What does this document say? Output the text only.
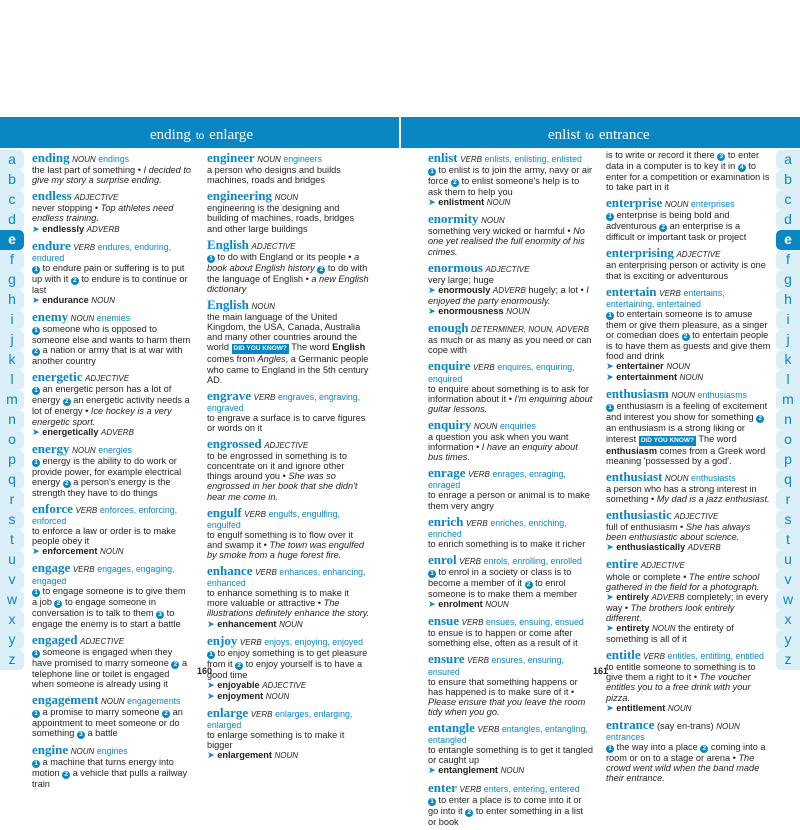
ending to enlarge	enlist to entrance
a
b
c
d
e
f
g
h
i
j
k
l
m
n
o
p
q
r
s
t
u
v
w
x
y
z
a
b
c
d
e
f
g
h
i
j
k
l
m
n
o
p
q
r
s
t
u
v
w
x
y
z
ending NOUN endings
the last part of something • I decided to give my story a surprise ending.
endless ADJECTIVE
never stopping • Top athletes need endless training.
➤ endlessly ADVERB
endure VERB endures, enduring, endured
1 to endure pain or suffering is to put up with it 2 to endure is to continue or last
➤ endurance NOUN
enemy NOUN enemies
1 someone who is opposed to someone else and wants to harm them 2 a nation or army that is at war with another country
energetic ADJECTIVE
1 an energetic person has a lot of energy 2 an energetic activity needs a lot of energy • Ice hockey is a very energetic sport.
➤ energetically ADVERB
energy NOUN energies
1 energy is the ability to do work or provide power, for example electrical energy 2 a person's energy is the strength they have to do things
enforce VERB enforces, enforcing, enforced
to enforce a law or order is to make people obey it
➤ enforcement NOUN
engage VERB engages, engaging, engaged
1 to engage someone is to give them a job 2 to engage someone in conversation is to talk to them 3 to engage the enemy is to start a battle
engaged ADJECTIVE
1 someone is engaged when they have promised to marry someone 2 a telephone line or toilet is engaged when someone is already using it
engagement NOUN engagements
1 a promise to marry someone 2 an appointment to meet someone or do something 3 a battle
engine NOUN engines
1 a machine that turns energy into motion 2 a vehicle that pulls a railway train
engineer NOUN engineers
a person who designs and builds machines, roads and bridges
engineering NOUN
engineering is the designing and building of machines, roads, bridges and other large buildings
English ADJECTIVE
1 to do with England or its people • a book about English history 2 to do with the language of English • a new English dictionary
English NOUN
the main language of the United Kingdom, the USA, Canada, Australia and many other countries around the world DID YOU KNOW? The word English comes from Angles, a Germanic people who came to England in the 5th century AD.
engrave VERB engraves, engraving, engraved
to engrave a surface is to carve figures or words on it
engrossed ADJECTIVE
to be engrossed in something is to concentrate on it and ignore other things around you • She was so engrossed in her book that she didn't hear me come in.
engulf VERB engulfs, engulfing, engulfed
to engulf something is to flow over it and swamp it • The town was engulfed by smoke from a huge forest fire.
enhance VERB enhances, enhancing, enhanced
to enhance something is to make it more valuable or attractive • The illustrations definitely enhance the story.
➤ enhancement NOUN
enjoy VERB enjoys, enjoying, enjoyed
1 to enjoy something is to get pleasure from it 2 to enjoy yourself is to have a good time
➤ enjoyable ADJECTIVE
➤ enjoyment NOUN
enlarge VERB enlarges, enlarging, enlarged
to enlarge something is to make it bigger
➤ enlargement NOUN
enlist VERB enlists, enlisting, enlisted
1 to enlist is to join the army, navy or air force 2 to enlist someone's help is to ask them to help you
➤ enlistment NOUN
enormity NOUN
something very wicked or harmful • No one yet realised the full enormity of his crimes.
enormous ADJECTIVE
very large; huge
➤ enormously ADVERB hugely; a lot • I enjoyed the party enormously.
➤ enormousness NOUN
enough DETERMINER, NOUN, ADVERB
as much or as many as you need or can cope with
enquire VERB enquires, enquiring, enquired
to enquire about something is to ask for information about it • I'm enquiring about guitar lessons.
enquiry NOUN enquiries
a question you ask when you want information • I have an enquiry about bus times.
enrage VERB enrages, enraging, enraged
to enrage a person or animal is to make them very angry
enrich VERB enriches, enriching, enriched
to enrich something is to make it richer
enrol VERB enrols, enrolling, enrolled
1 to enrol in a society or class is to become a member of it 2 to enrol someone is to make them a member
➤ enrolment NOUN
ensue VERB ensues, ensuing, ensued
to ensue is to happen or come after something else, often as a result of it
ensure VERB ensures, ensuring, ensured
to ensure that something happens or has happened is to make sure of it • Please ensure that you leave the room tidy when you go.
entangle VERB entangles, entangling, entangled
to entangle something is to get it tangled or caught up
➤ entanglement NOUN
enter VERB enters, entering, entered
1 to enter a place is to come into it or go into it 2 to enter something in a list or book
is to write or record it there 3 to enter data in a computer is to key it in 4 to enter for a competition or examination is to take part in it
enterprise NOUN enterprises
1 enterprise is being bold and adventurous 2 an enterprise is a difficult or important task or project
enterprising ADJECTIVE
an enterprising person or activity is one that is exciting or adventurous
entertain VERB entertains, entertaining, entertained
1 to entertain someone is to amuse them or give them pleasure, as a singer or comedian does 2 to entertain people is to have them as guests and give them food and drink
➤ entertainer NOUN
➤ entertainment NOUN
enthusiasm NOUN enthusiasms
1 enthusiasm is a feeling of excitement and interest you show for something 2 an enthusiasm is a strong liking or interest DID YOU KNOW? The word enthusiasm comes from a Greek word meaning 'possessed by a god'.
enthusiast NOUN enthusiasts
a person who has a strong interest in something • My dad is a jazz enthusiast.
enthusiastic ADJECTIVE
full of enthusiasm • She has always been enthusiastic about science.
➤ enthusiastically ADVERB
entire ADJECTIVE
whole or complete • The entire school gathered in the field for a photograph.
➤ entirely ADVERB completely; in every way • The brothers look entirely different.
➤ entirety NOUN the entirety of something is all of it
entitle VERB entitles, entitling, entitled
to entitle someone to something is to give them a right to it • The voucher entitles you to a free drink with your pizza.
➤ entitlement NOUN
entrance (say en-trans) NOUN entrances
1 the way into a place 2 coming into a room or on to a stage or arena • The crowd went wild when the band made their entrance.
160	161
